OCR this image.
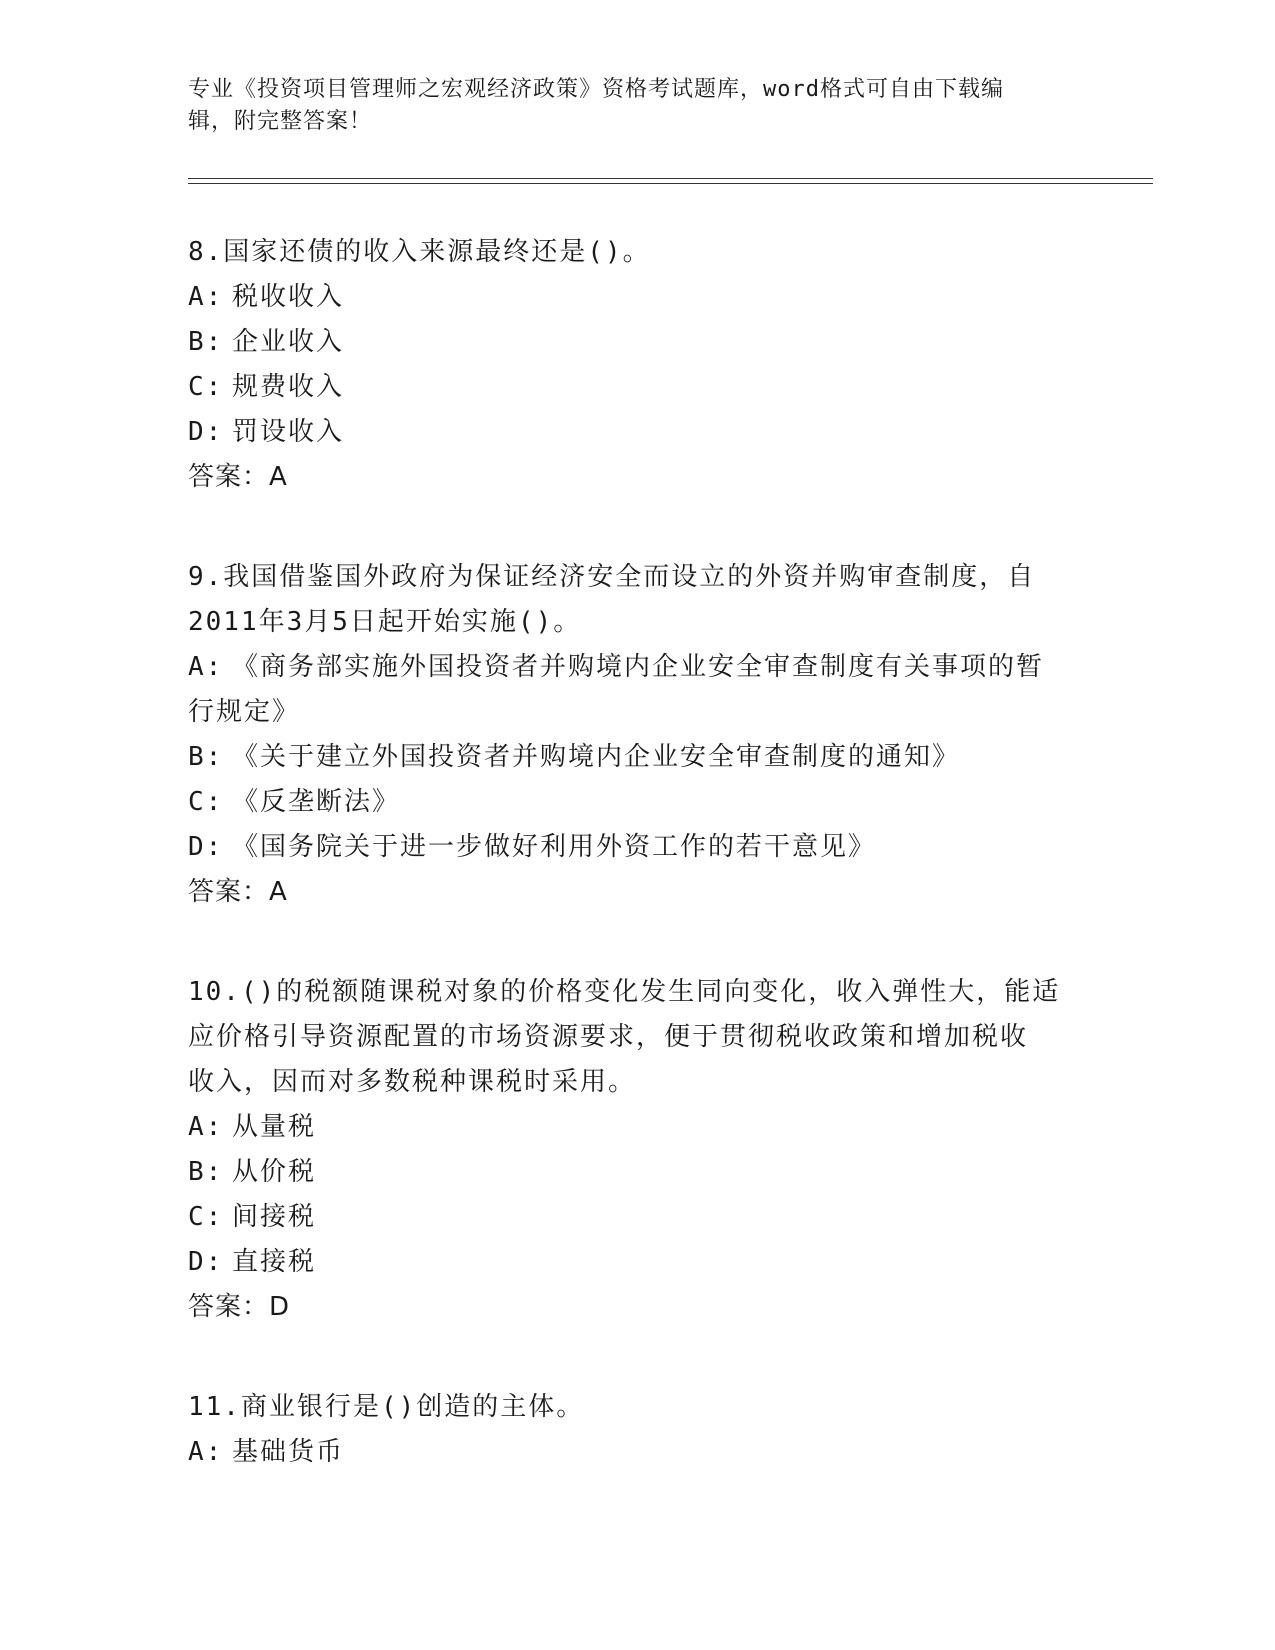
专业《投资项目管理师之宏观经济政策》资格考试题库，word格式可自由下载编
辑，附完整答案！
8.国家还债的收入来源最终还是()。
A: 税收收入
B: 企业收入
C: 规费收入
D: 罚设收入
答案：A
9.我国借鉴国外政府为保证经济安全而设立的外资并购审查制度，自
2011年3月5日起开始实施()。
A: 《商务部实施外国投资者并购境内企业安全审查制度有关事项的暂
行规定》
B: 《关于建立外国投资者并购境内企业安全审查制度的通知》
C: 《反垄断法》
D: 《国务院关于进一步做好利用外资工作的若干意见》
答案：A
10.()的税额随课税对象的价格变化发生同向变化，收入弹性大，能适
应价格引导资源配置的市场资源要求，便于贯彻税收政策和增加税收
收入，因而对多数税种课税时采用。
A: 从量税
B: 从价税
C: 间接税
D: 直接税
答案：D
11.商业银行是()创造的主体。
A: 基础货币
